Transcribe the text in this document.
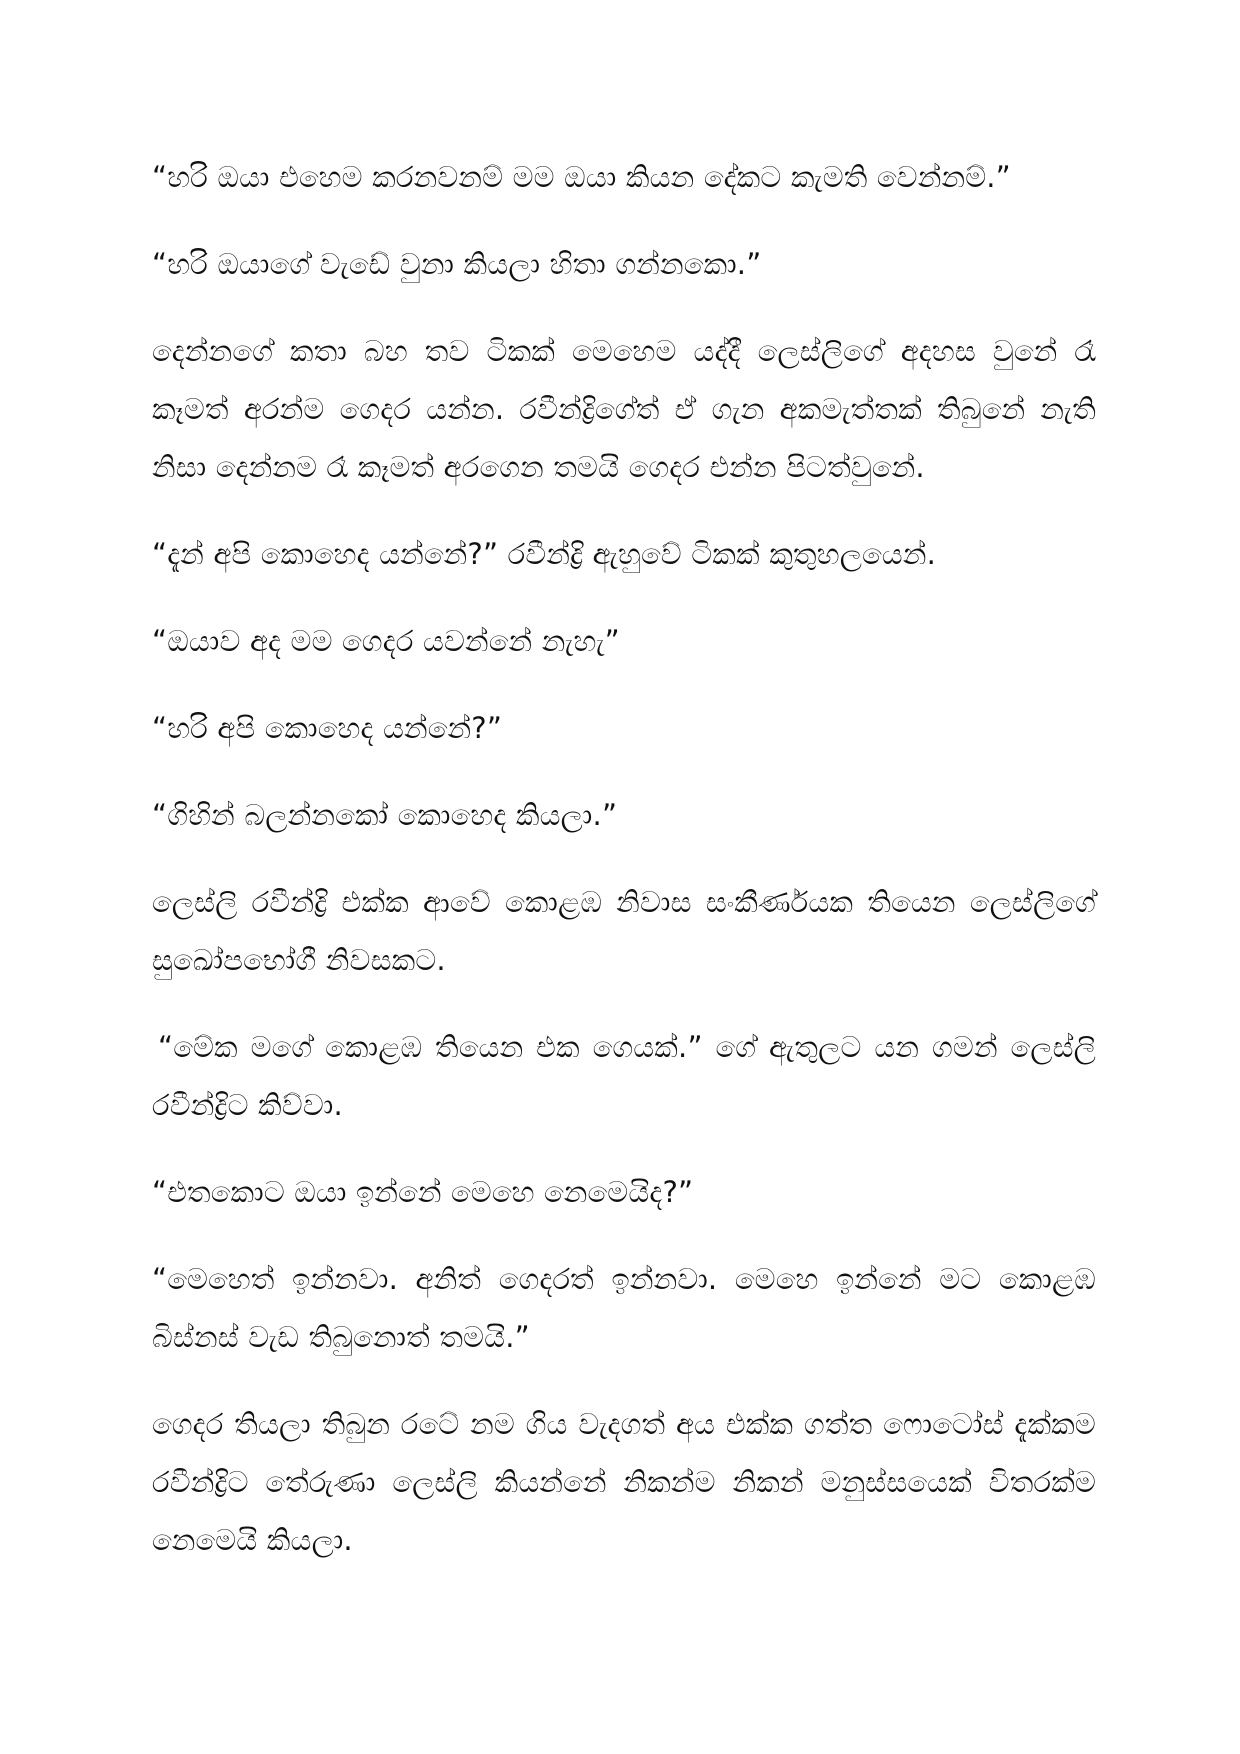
“හරි ඔයා එහෙම කරනවනම් මම ඔයා කියන දේකට කැමති වෙන්නම්.”

“හරි ඔයාගේ වැඩේ වුනා කියලා හිතා ගන්නකො.”

දෙන්නගේ කතා බහ තව ටිකක් මෙහෙම යද්දී ලෙස්ලිගේ අදහස වුනේ රෑ කෑමත් අරන්ම ගෙදර යන්න. රවීන්ද්‍රිගේත් ඒ ගැන අකමැත්තක් තිබුනේ නැති නිසා දෙන්නම රෑ කෑමත් අරගෙන තමයි ගෙදර එන්න පිටත්වුනේ.

“දැන් අපි කොහෙද යන්නේ?” රවීන්ද්‍රි ඇහුවේ ටිකක් කුතුහලයෙන්.

“ඔයාව අද මම ගෙදර යවන්නේ නැහැ”

“හරි අපි කොහෙද යන්නේ?”

“ගිහින් බලන්නකෝ කොහෙද කියලා.”

ලෙස්ලි රවීන්ද්‍රි එක්ක ආවේ කොළඹ නිවාස සංකීර්ණයක තියෙන ලෙස්ලිගේ සුඛෝපභෝගී නිවසකට.

“මේක මගේ කොළඹ තියෙන එක ගෙයක්.” ගේ ඇතුලට යන ගමන් ලෙස්ලි රවීන්ද්‍රිට කිව්වා.

“එතකොට ඔයා ඉන්නේ මෙහෙ නෙමෙයිද?”

“මෙහෙත් ඉන්නවා. අනිත් ගෙදරත් ඉන්නවා. මෙහෙ ඉන්නේ මට කොළඹ බිස්නස් වැඩ තිබුනොත් තමයි.”

ගෙදර තියලා තිබුන රටේ නම ගිය වැදගත් අය එක්ක ගත්ත ෆොටෝස් දැක්කම රවීන්ද්‍රිට තේරුණා ලෙස්ලි කියන්නේ නිකන්ම නිකන් මනුස්සයෙක් විතරක්ම නෙමෙයි කියලා.
